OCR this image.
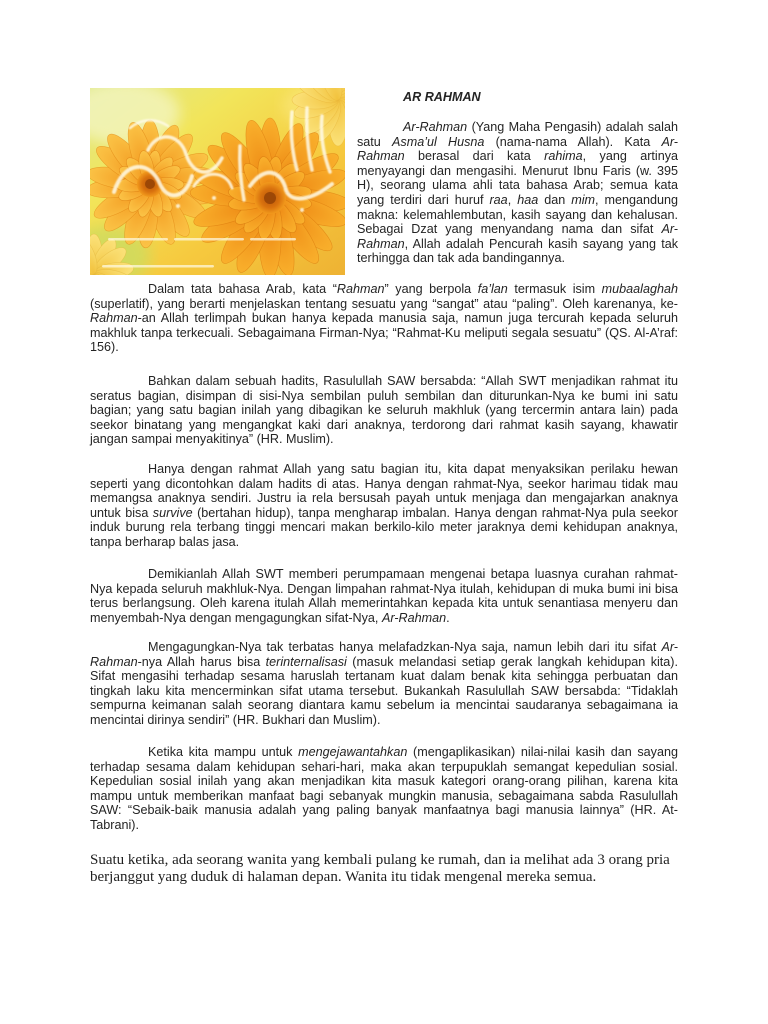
AR RAHMAN

Ar-Rahman (Yang Maha Pengasih) adalah salah satu Asma’ul Husna (nama-nama Allah). Kata Ar-Rahman berasal dari kata rahima, yang artinya menyayangi dan mengasihi. Menurut Ibnu Faris (w. 395 H), seorang ulama ahli tata bahasa Arab; semua kata yang terdiri dari huruf raa, haa dan mim, mengandung makna: kelemahlembutan, kasih sayang dan kehalusan. Sebagai Dzat yang menyandang nama dan sifat Ar-Rahman, Allah adalah Pencurah kasih sayang yang tak terhingga dan tak ada bandingannya.

Dalam tata bahasa Arab, kata “Rahman” yang berpola fa’lan termasuk isim mubaalaghah (superlatif), yang berarti menjelaskan tentang sesuatu yang “sangat” atau “paling”. Oleh karenanya, ke-Rahman-an Allah terlimpah bukan hanya kepada manusia saja, namun juga tercurah kepada seluruh makhluk tanpa terkecuali. Sebagaimana Firman-Nya; “Rahmat-Ku meliputi segala sesuatu” (QS. Al-A’raf: 156).

Bahkan dalam sebuah hadits, Rasulullah SAW bersabda: “Allah SWT menjadikan rahmat itu seratus bagian, disimpan di sisi-Nya sembilan puluh sembilan dan diturunkan-Nya ke bumi ini satu bagian; yang satu bagian inilah yang dibagikan ke seluruh makhluk (yang tercermin antara lain) pada seekor binatang yang mengangkat kaki dari anaknya, terdorong dari rahmat kasih sayang, khawatir jangan sampai menyakitinya” (HR. Muslim).

Hanya dengan rahmat Allah yang satu bagian itu, kita dapat menyaksikan perilaku hewan seperti yang dicontohkan dalam hadits di atas. Hanya dengan rahmat-Nya, seekor harimau tidak mau memangsa anaknya sendiri. Justru ia rela bersusah payah untuk menjaga dan mengajarkan anaknya untuk bisa survive (bertahan hidup), tanpa mengharap imbalan. Hanya dengan rahmat-Nya pula seekor induk burung rela terbang tinggi mencari makan berkilo-kilo meter jaraknya demi kehidupan anaknya, tanpa berharap balas jasa.

Demikianlah Allah SWT memberi perumpamaan mengenai betapa luasnya curahan rahmat-Nya kepada seluruh makhluk-Nya. Dengan limpahan rahmat-Nya itulah, kehidupan di muka bumi ini bisa terus berlangsung. Oleh karena itulah Allah memerintahkan kepada kita untuk senantiasa menyeru dan menyembah-Nya dengan mengagungkan sifat-Nya, Ar-Rahman.

Mengagungkan-Nya tak terbatas hanya melafadzkan-Nya saja, namun lebih dari itu sifat Ar-Rahman-nya Allah harus bisa terinternalisasi (masuk melandasi setiap gerak langkah kehidupan kita). Sifat mengasihi terhadap sesama haruslah tertanam kuat dalam benak kita sehingga perbuatan dan tingkah laku kita mencerminkan sifat utama tersebut. Bukankah Rasulullah SAW bersabda: “Tidaklah sempurna keimanan salah seorang diantara kamu sebelum ia mencintai saudaranya sebagaimana ia mencintai dirinya sendiri” (HR. Bukhari dan Muslim).

Ketika kita mampu untuk mengejawantahkan (mengaplikasikan) nilai-nilai kasih dan sayang terhadap sesama dalam kehidupan sehari-hari, maka akan terpupuklah semangat kepedulian sosial. Kepedulian sosial inilah yang akan menjadikan kita masuk kategori orang-orang pilihan, karena kita mampu untuk memberikan manfaat bagi sebanyak mungkin manusia, sebagaimana sabda Rasulullah SAW: “Sebaik-baik manusia adalah yang paling banyak manfaatnya bagi manusia lainnya” (HR. At-Tabrani).

Suatu ketika, ada seorang wanita yang kembali pulang ke rumah, dan ia melihat ada 3 orang pria berjanggut yang duduk di halaman depan. Wanita itu tidak mengenal mereka semua.
